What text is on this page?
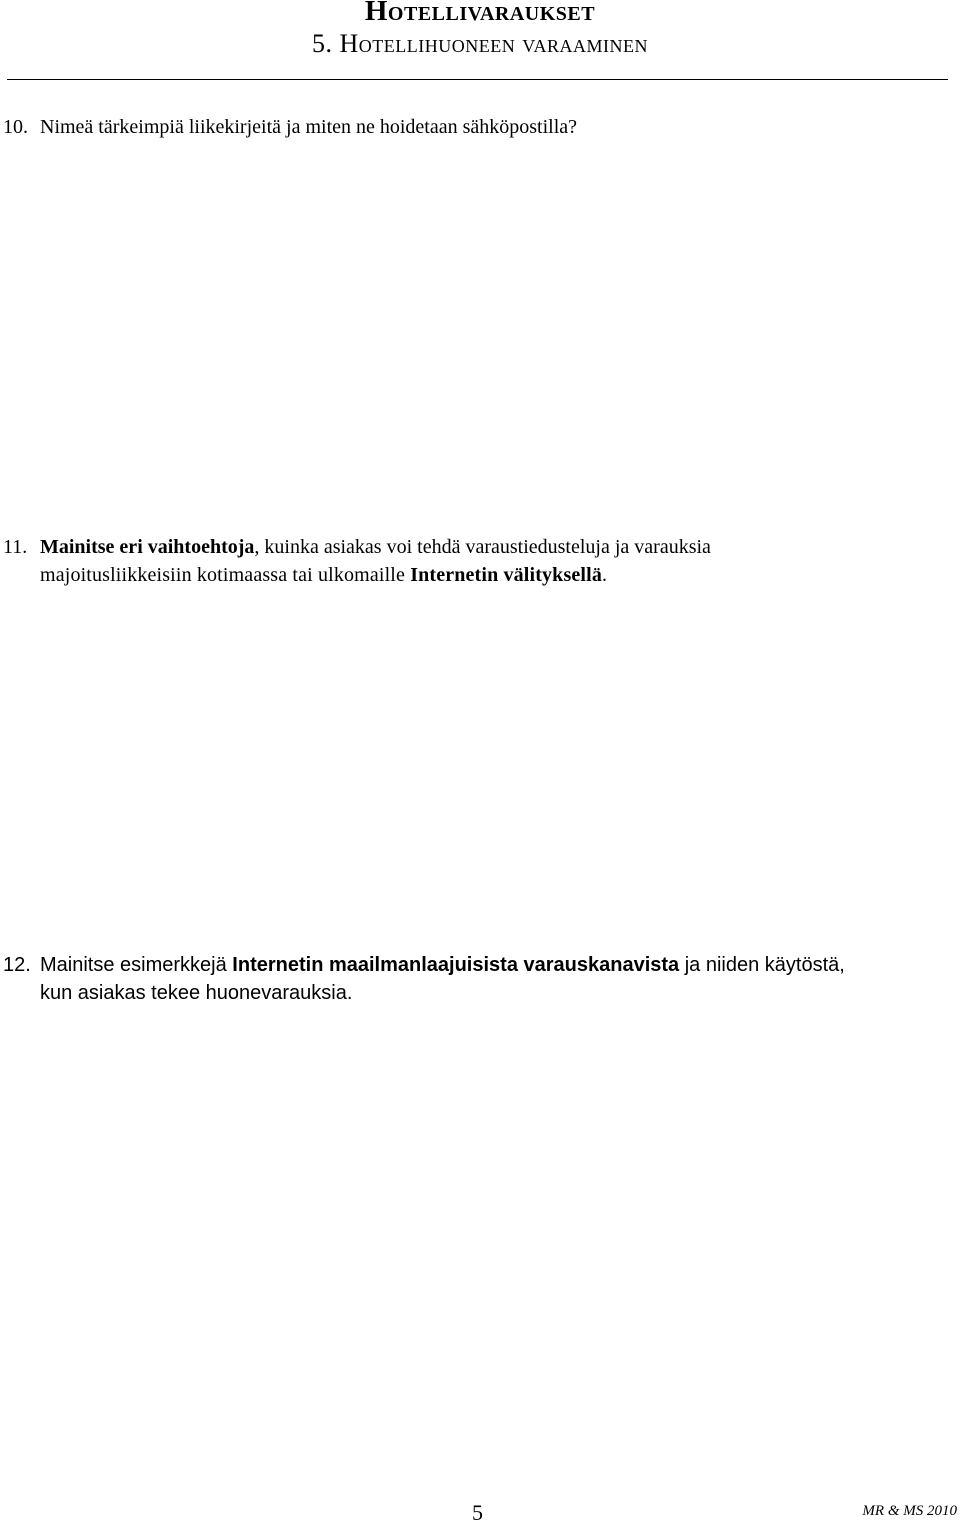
Hotellivaraukset
5. Hotellihuoneen varaaminen
10. Nimeä tärkeimpiä liikekirjeitä ja miten ne hoidetaan sähköpostilla?
11. Mainitse eri vaihtoehtoja, kuinka asiakas voi tehdä varaustiedusteluja ja varauksia
majoitusliikkeisiin kotimaassa tai ulkomaille Internetin välityksellä.
12. Mainitse esimerkkejä Internetin maailmanlaajuisista varauskanavista ja niiden käytöstä,
kun asiakas tekee huonevarauksia.
5	MR & MS 2010
